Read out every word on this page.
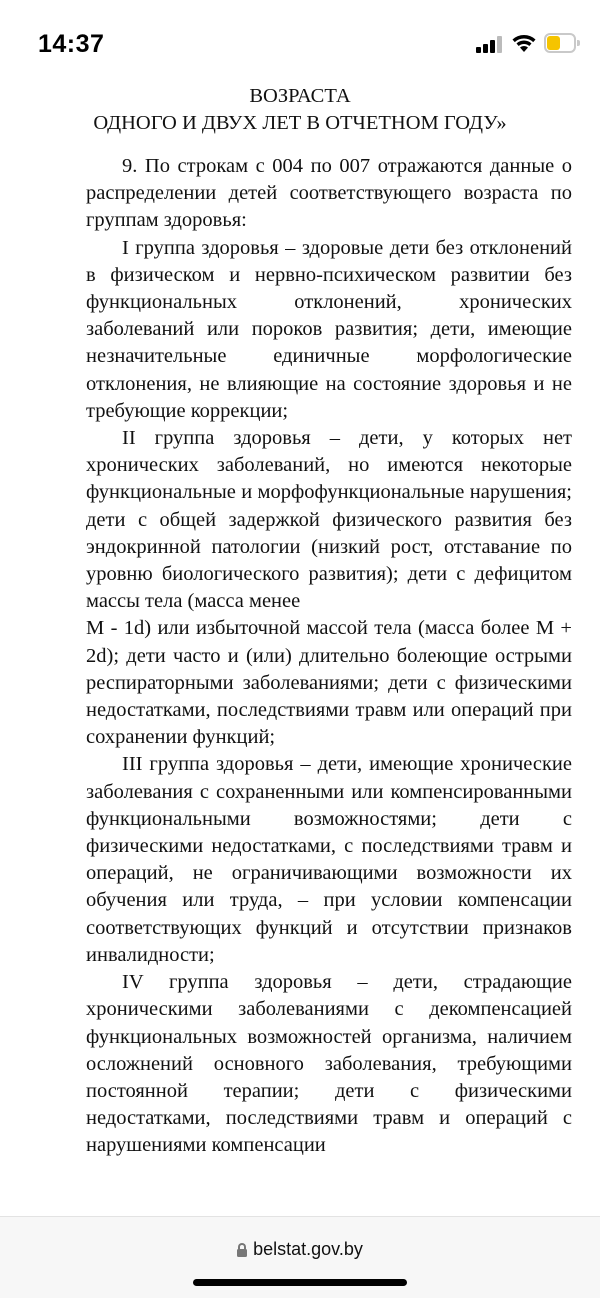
ВОЗРАСТА
ОДНОГО И ДВУХ ЛЕТ В ОТЧЕТНОМ ГОДУ»

9. По строкам с 004 по 007 отражаются данные о распределении детей соответствующего возраста по группам здоровья:

I группа здоровья – здоровые дети без отклонений в физическом и нервно-психическом развитии без функциональных отклонений, хронических заболеваний или пороков развития; дети, имеющие незначительные единичные морфологические отклонения, не влияющие на состояние здоровья и не требующие коррекции;

II группа здоровья – дети, у которых нет хронических заболеваний, но имеются некоторые функциональные и морфофункциональные нарушения; дети с общей задержкой физического развития без эндокринной патологии (низкий рост, отставание по уровню биологического развития); дети с дефицитом массы тела (масса менее

M - 1d) или избыточной массой тела (масса более M + 2d); дети часто и (или) длительно болеющие острыми респираторными заболеваниями; дети с физическими недостатками, последствиями травм или операций при сохранении функций;

III группа здоровья – дети, имеющие хронические заболевания с сохраненными или компенсированными функциональными возможностями; дети с физическими недостатками, с последствиями травм и операций, не ограничивающими возможности их обучения или труда, – при условии компенсации соответствующих функций и отсутствии признаков инвалидности;

IV группа здоровья – дети, страдающие хроническими заболеваниями с декомпенсацией функциональных возможностей организма, наличием осложнений основного заболевания, требующими постоянной терапии; дети с физическими недостатками, последствиями травм и операций с нарушениями компенсации

14:37
belstat.gov.by
